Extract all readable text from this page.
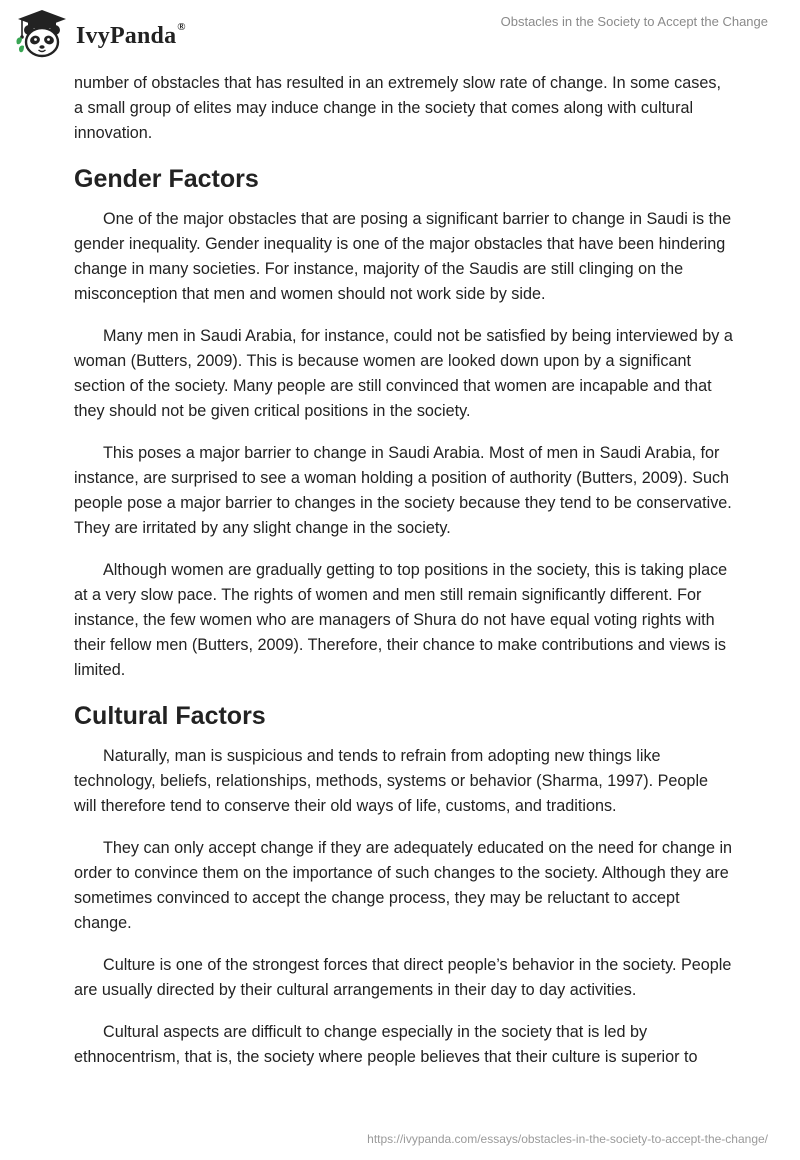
IvyPanda®	Obstacles in the Society to Accept the Change

number of obstacles that has resulted in an extremely slow rate of change. In some cases, a small group of elites may induce change in the society that comes along with cultural innovation.

Gender Factors

One of the major obstacles that are posing a significant barrier to change in Saudi is the gender inequality. Gender inequality is one of the major obstacles that have been hindering change in many societies. For instance, majority of the Saudis are still clinging on the misconception that men and women should not work side by side.

Many men in Saudi Arabia, for instance, could not be satisfied by being interviewed by a woman (Butters, 2009). This is because women are looked down upon by a significant section of the society. Many people are still convinced that women are incapable and that they should not be given critical positions in the society.

This poses a major barrier to change in Saudi Arabia. Most of men in Saudi Arabia, for instance, are surprised to see a woman holding a position of authority (Butters, 2009). Such people pose a major barrier to changes in the society because they tend to be conservative. They are irritated by any slight change in the society.

Although women are gradually getting to top positions in the society, this is taking place at a very slow pace. The rights of women and men still remain significantly different. For instance, the few women who are managers of Shura do not have equal voting rights with their fellow men (Butters, 2009). Therefore, their chance to make contributions and views is limited.

Cultural Factors

Naturally, man is suspicious and tends to refrain from adopting new things like technology, beliefs, relationships, methods, systems or behavior (Sharma, 1997). People will therefore tend to conserve their old ways of life, customs, and traditions.

They can only accept change if they are adequately educated on the need for change in order to convince them on the importance of such changes to the society. Although they are sometimes convinced to accept the change process, they may be reluctant to accept change.

Culture is one of the strongest forces that direct people’s behavior in the society. People are usually directed by their cultural arrangements in their day to day activities.

Cultural aspects are difficult to change especially in the society that is led by ethnocentrism, that is, the society where people believes that their culture is superior to

https://ivypanda.com/essays/obstacles-in-the-society-to-accept-the-change/
